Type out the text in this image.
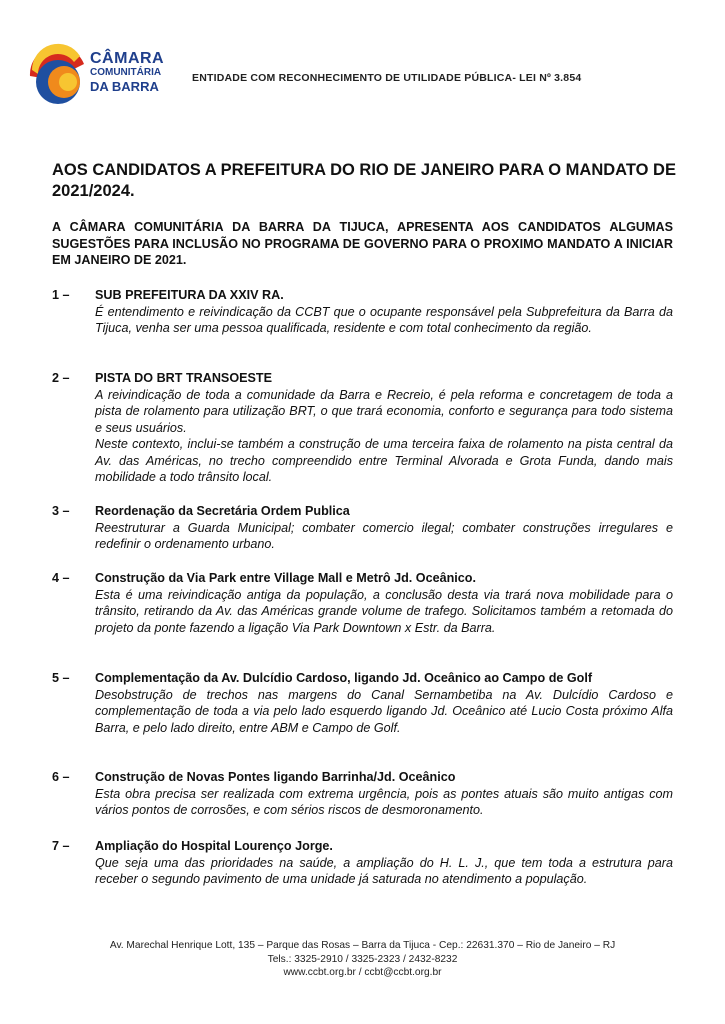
CÂMARA
COMUNITÁRIA
DA BARRA
ENTIDADE COM RECONHECIMENTO DE UTILIDADE PÚBLICA- LEI Nº 3.854
AOS CANDIDATOS A PREFEITURA DO RIO DE JANEIRO PARA O MANDATO DE 2021/2024.

A CÂMARA COMUNITÁRIA DA BARRA DA TIJUCA, APRESENTA AOS CANDIDATOS ALGUMAS SUGESTÕES PARA INCLUSÃO NO PROGRAMA DE GOVERNO PARA O PROXIMO MANDATO A INICIAR EM JANEIRO DE 2021.

1 – SUB PREFEITURA DA XXIV RA.

É entendimento e reivindicação da CCBT que o ocupante responsável pela Subprefeitura da Barra da Tijuca, venha ser uma pessoa qualificada, residente e com total conhecimento da região.

2 – PISTA DO BRT TRANSOESTE

A reivindicação de toda a comunidade da Barra e Recreio, é pela reforma e concretagem de toda a pista de rolamento para utilização BRT, o que trará economia, conforto e segurança para todo sistema e seus usuários.

Neste contexto, inclui-se também a construção de uma terceira faixa de rolamento na pista central da Av. das Américas, no trecho compreendido entre Terminal Alvorada e Grota Funda, dando mais mobilidade a todo trânsito local.

3 – Reordenação da Secretária Ordem Publica

Reestruturar a Guarda Municipal; combater comercio ilegal; combater construções irregulares e redefinir o ordenamento urbano.

4 – Construção da Via Park entre Village Mall e Metrô Jd. Oceânico.

Esta é uma reivindicação antiga da população, a conclusão desta via trará nova mobilidade para o trânsito, retirando da Av. das Américas grande volume de trafego. Solicitamos também a retomada do projeto da ponte fazendo a ligação Via Park Downtown x Estr. da Barra.

5 –	Complementação da Av. Dulcídio Cardoso, ligando Jd. Oceânico ao Campo de Golf

Desobstrução de trechos nas margens do Canal Sernambetiba na Av. Dulcídio Cardoso e complementação de toda a via pelo lado esquerdo ligando Jd. Oceânico até Lucio Costa próximo Alfa Barra, e pelo lado direito, entre ABM e Campo de Golf.

6 – Construção de Novas Pontes ligando Barrinha/Jd. Oceânico

Esta obra precisa ser realizada com extrema urgência, pois as pontes atuais são muito antigas com vários pontos de corrosões, e com sérios riscos de desmoronamento.

7 – Ampliação do Hospital Lourenço Jorge.

Que seja uma das prioridades na saúde, a ampliação do H. L. J., que tem toda a estrutura para receber o segundo pavimento de uma unidade já saturada no atendimento a população.

Av. Marechal Henrique Lott, 135 – Parque das Rosas – Barra da Tijuca - Cep.: 22631.370 – Rio de Janeiro – RJ
Tels.: 3325-2910 / 3325-2323 / 2432-8232
www.ccbt.org.br / ccbt@ccbt.org.br
